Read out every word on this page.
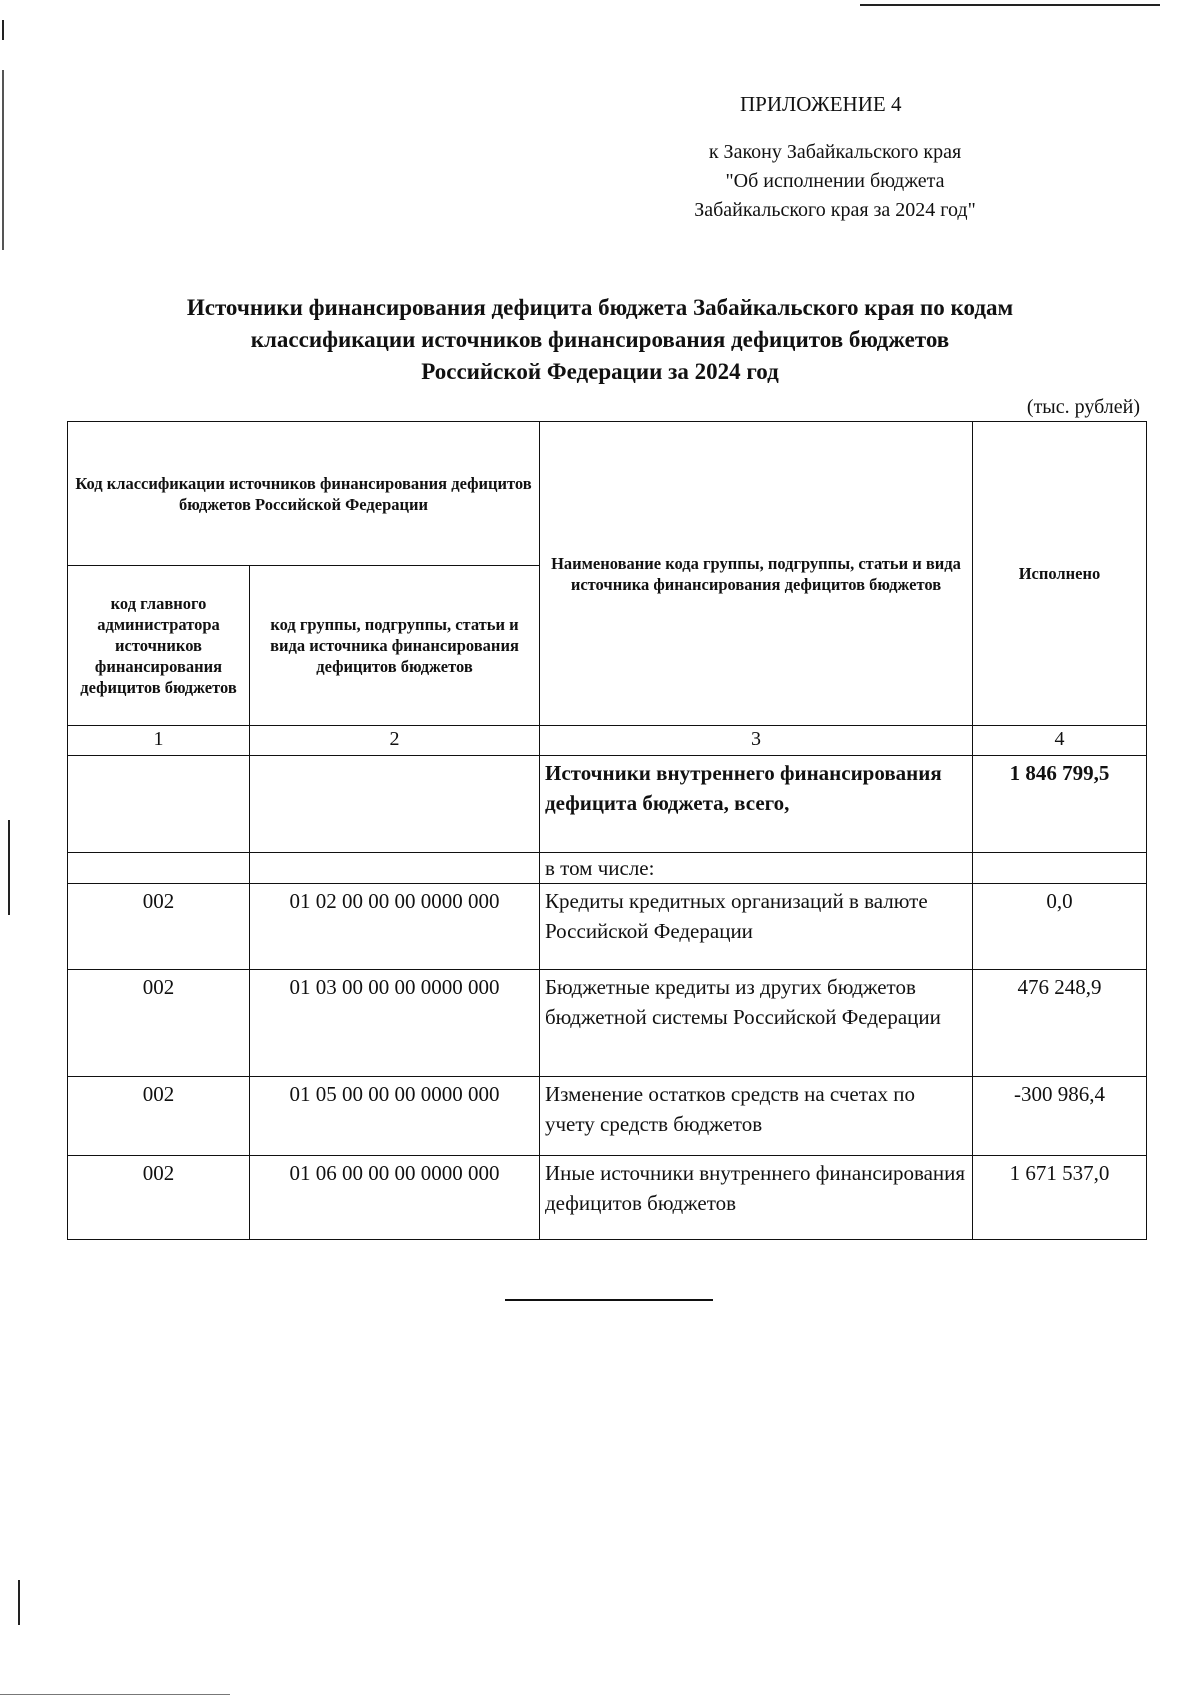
ПРИЛОЖЕНИЕ 4
к Закону Забайкальского края
"Об исполнении бюджета
Забайкальского края за 2024 год"
Источники финансирования дефицита бюджета Забайкальского края по кодам
классификации источников финансирования дефицитов бюджетов
Российской Федерации за 2024 год
(тыс. рублей)
Код классификации источников финансирования дефицитов бюджетов Российской Федерации		Наименование кода группы, подгруппы, статьи и вида источника финансирования дефицитов бюджетов	Исполнено
код главного администратора источников финансирования дефицитов бюджетов	код группы, подгруппы, статьи и вида источника финансирования дефицитов бюджетов		
1	2	3	4
		Источники внутреннего финансирования дефицита бюджета, всего,	1 846 799,5
		в том числе:	
002	01 02 00 00 00 0000 000	Кредиты кредитных организаций в валюте Российской Федерации	0,0
002	01 03 00 00 00 0000 000	Бюджетные кредиты из других бюджетов бюджетной системы Российской Федерации	476 248,9
002	01 05 00 00 00 0000 000	Изменение остатков средств на счетах по учету средств бюджетов	-300 986,4
002	01 06 00 00 00 0000 000	Иные источники внутреннего финансирования дефицитов бюджетов	1 671 537,0
